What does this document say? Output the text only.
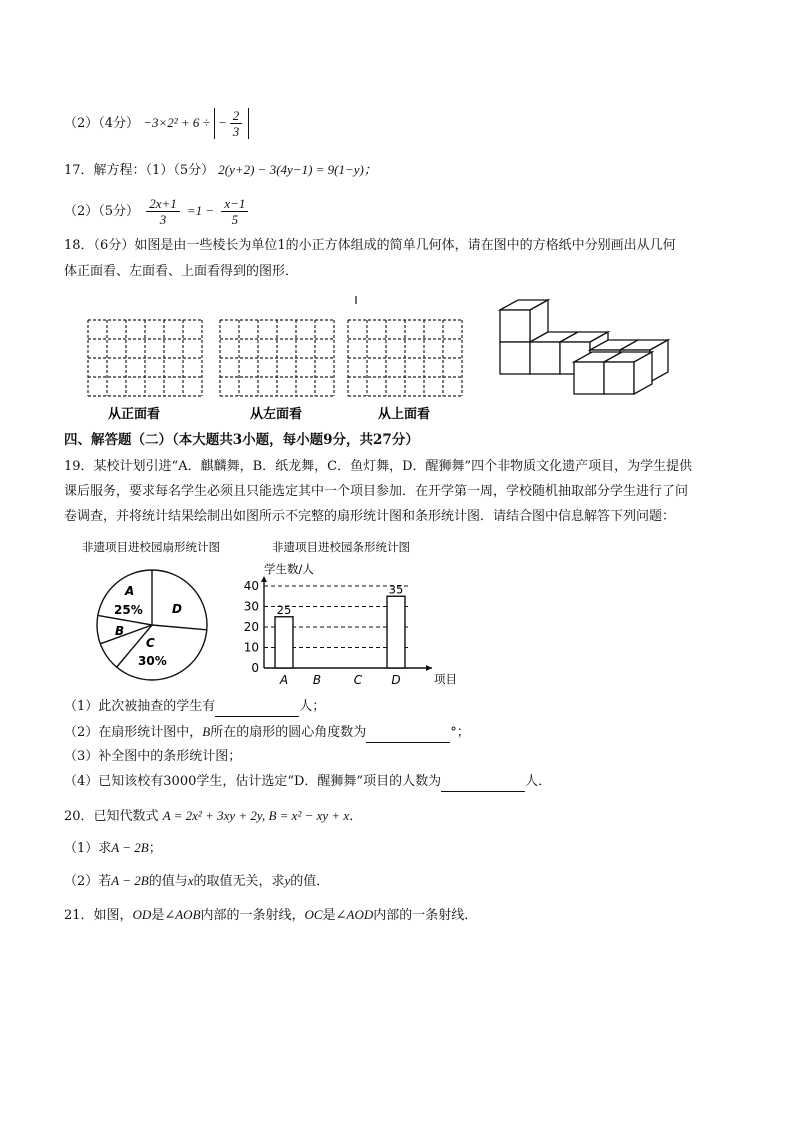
（2）（4分） −3×2² + 6 ÷ − $\frac{2}{3}$
17．解方程：（1）（5分） 2(y+2) − 3(4y−1) = 9(1−y)；
（2）（5分） $\frac{2x+1}{3} =1 - \frac{x-1}{5}$
18．（6分）如图是由一些棱长为单位1的小正方体组成的简单几何体，请在图中的方格纸中分别画出从几何
体正面看、左面看、上面看得到的图形．
从正面看	从左面看	从上面看
四、解答题（二）（本大题共3小题，每小题9分，共27分）
19．某校计划引进“A．麒麟舞，B．纸龙舞，C．鱼灯舞，D．醒狮舞”四个非物质文化遗产项目，为学生提供
课后服务，要求每名学生必须且只能选定其中一个项目参加．在开学第一周，学校随机抽取部分学生进行了问
卷调查，并将统计结果绘制出如图所示不完整的扇形统计图和条形统计图．请结合图中信息解答下列问题：
非遗项目进校园扇形统计图
A
25%
B
C
30%
D
非遗项目进校园条形统计图
学生数/人
项目
0
10
20
30
40
A B	C D
25
35
（1）此次被抽查的学生有	人；
（2）在扇形统计图中，B所在的扇形的圆心角度数为	°；
（3）补全图中的条形统计图；
（4）已知该校有3000学生，估计选定“D．醒狮舞”项目的人数为	人．
20．已知代数式 A = 2x² + 3xy + 2y, B = x² − xy + x．
（1）求A − 2B；
（2）若A − 2B的值与x的取值无关，求y的值．
21．如图，OD是∠AOB内部的一条射线，OC是∠AOD内部的一条射线．
